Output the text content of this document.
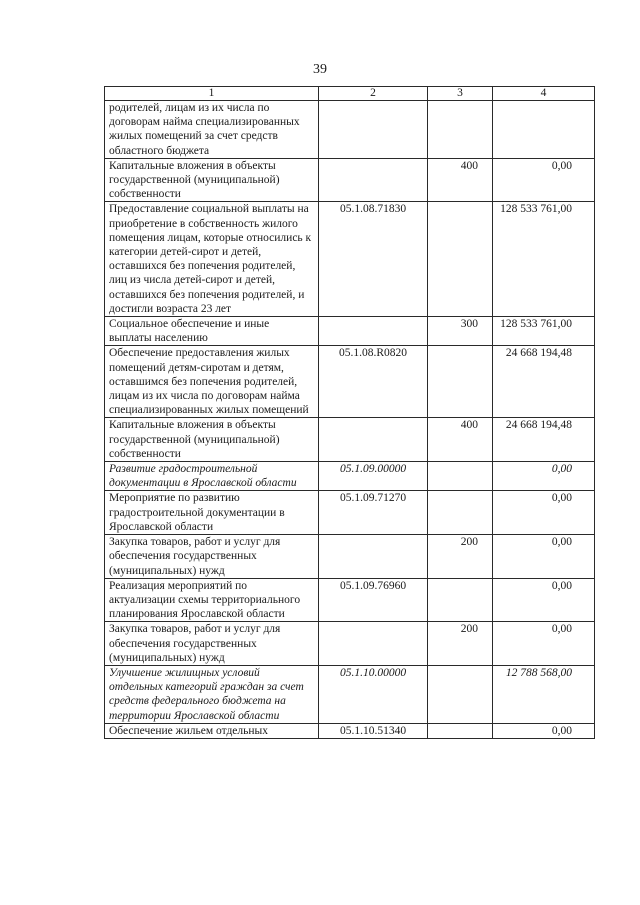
39
1	2	3	4
родителей, лицам из их числа по договорам найма специализированных жилых помещений за счет средств областного бюджета			
Капитальные вложения в объекты государственной (муниципальной) собственности		400	0,00
Предоставление социальной выплаты на приобретение в собственность жилого помещения лицам, которые относились к категории детей-сирот и детей, оставшихся без попечения родителей, лиц из числа детей-сирот и детей, оставшихся без попечения родителей, и достигли возраста 23 лет	05.1.08.71830		128 533 761,00
Социальное обеспечение и иные выплаты населению		300	128 533 761,00
Обеспечение предоставления жилых помещений детям-сиротам и детям, оставшимся без попечения родителей, лицам из их числа по договорам найма специализированных жилых помещений	05.1.08.R0820		24 668 194,48
Капитальные вложения в объекты государственной (муниципальной) собственности		400	24 668 194,48
Развитие градостроительной документации в Ярославской области	05.1.09.00000		0,00
Мероприятие по развитию градостроительной документации в Ярославской области	05.1.09.71270		0,00
Закупка товаров, работ и услуг для обеспечения государственных (муниципальных) нужд		200	0,00
Реализация мероприятий по актуализации схемы территориального планирования Ярославской области	05.1.09.76960		0,00
Закупка товаров, работ и услуг для обеспечения государственных (муниципальных) нужд		200	0,00
Улучшение жилищных условий отдельных категорий граждан за счет средств федерального бюджета на территории Ярославской области	05.1.10.00000		12 788 568,00
Обеспечение жильем отдельных	05.1.10.51340		0,00
